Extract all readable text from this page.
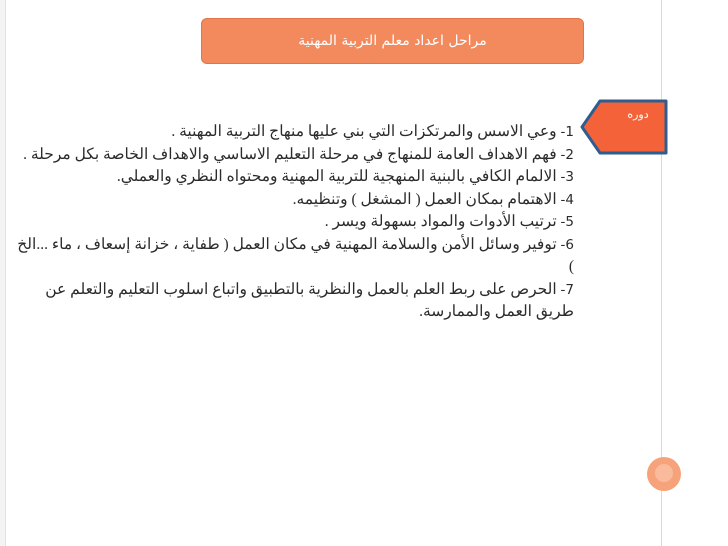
مراحل اعداد معلم التربية المهنية
دوره
1- وعي الاسس والمرتكزات التي بني عليها منهاج التربية المهنية .
2- فهم الاهداف العامة للمنهاج في مرحلة التعليم الاساسي والاهداف الخاصة بكل مرحلة .
3- الالمام الكافي بالبنية المنهجية للتربية المهنية ومحتواه النظري والعملي.
4- الاهتمام بمكان العمل ( المشغل ) وتنظيمه.
5- ترتيب الأدوات والمواد بسهولة ويسر .
6- توفير وسائل الأمن والسلامة المهنية في مكان العمل ( طفاية ، خزانة إسعاف ، ماء ...الخ )
7- الحرص على ربط العلم بالعمل والنظرية بالتطبيق واتباع اسلوب التعليم والتعلم عن طريق العمل والممارسة.
